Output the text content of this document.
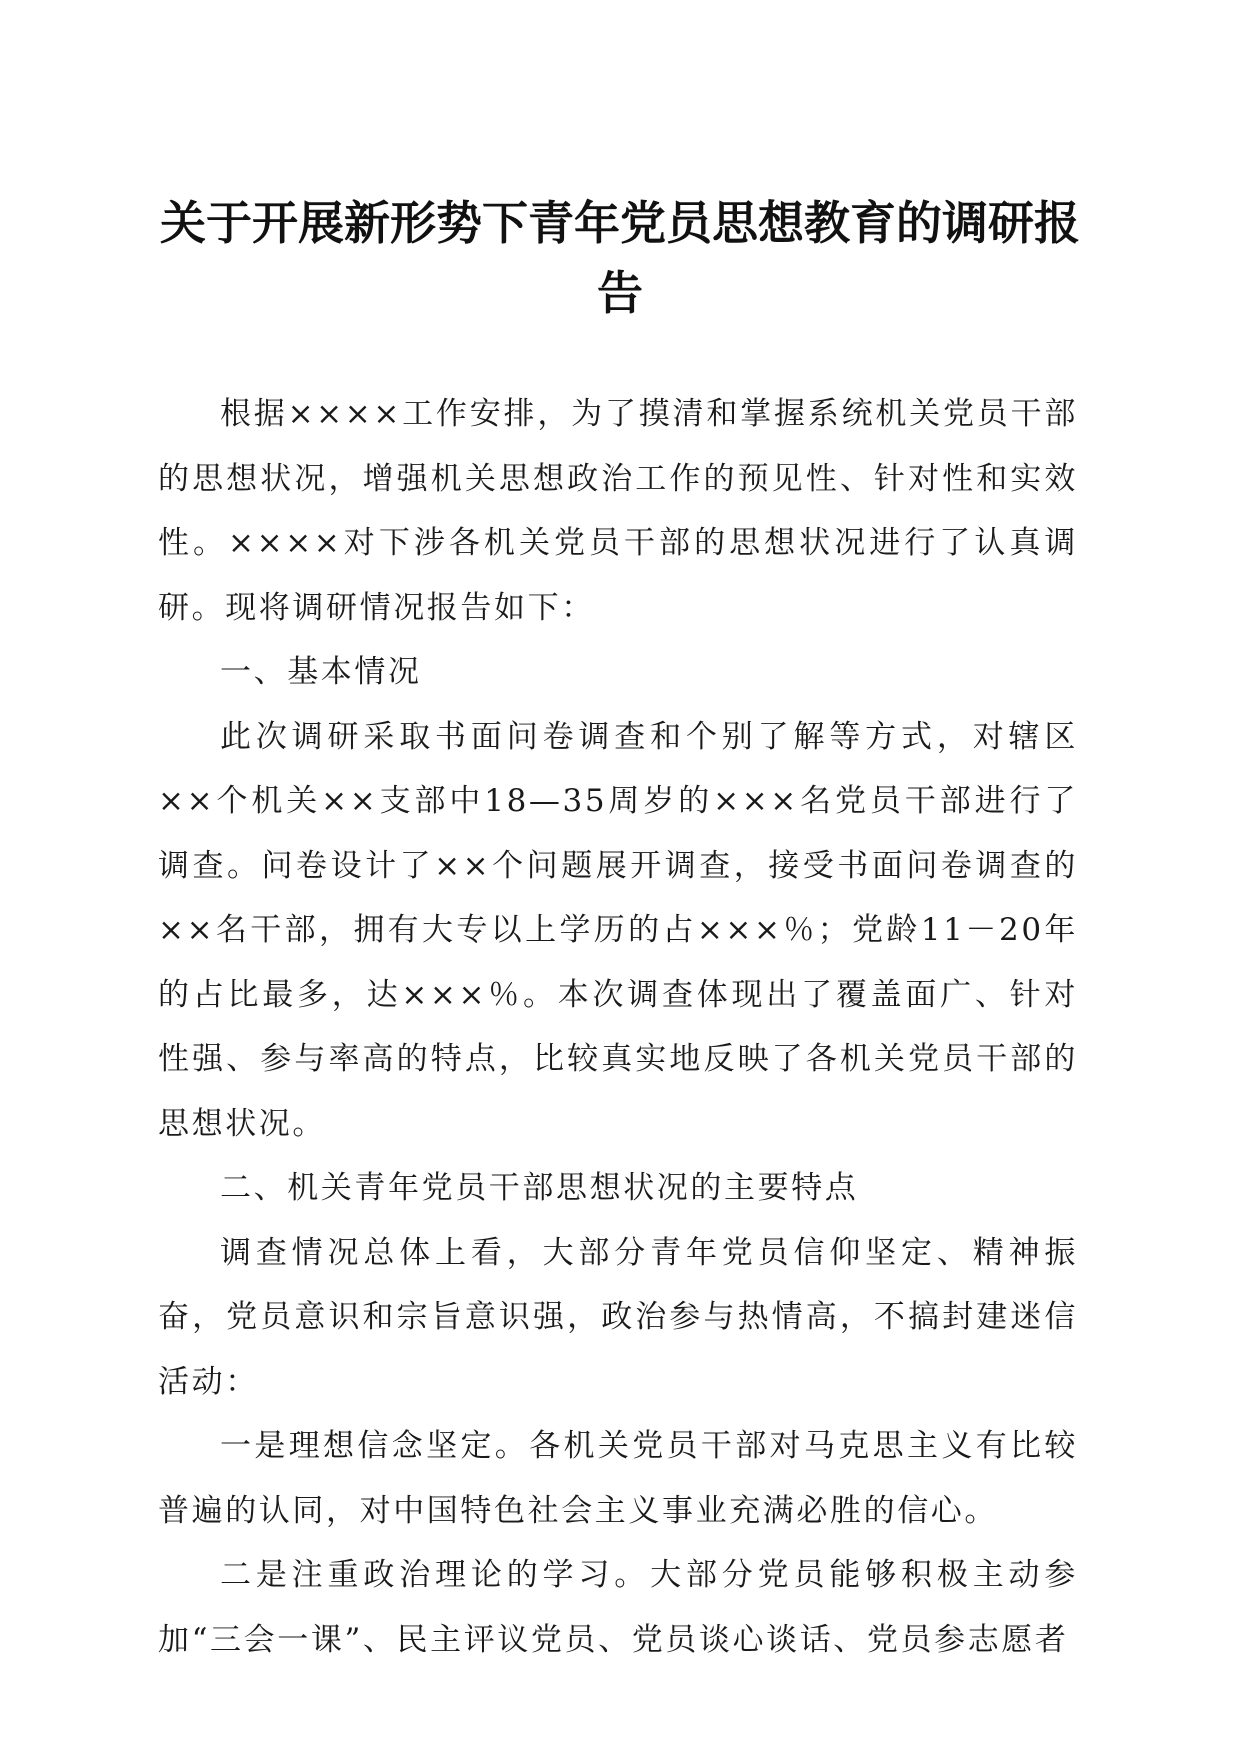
关于开展新形势下青年党员思想教育的调研报告

根据××××工作安排，为了摸清和掌握系统机关党员干部的思想状况，增强机关思想政治工作的预见性、针对性和实效性。××××对下涉各机关党员干部的思想状况进行了认真调研。现将调研情况报告如下：

一、基本情况

此次调研采取书面问卷调查和个别了解等方式，对辖区××个机关××支部中18—35周岁的×××名党员干部进行了调查。问卷设计了××个问题展开调查，接受书面问卷调查的××名干部，拥有大专以上学历的占×××％；党龄11－20年的占比最多，达×××％。本次调查体现出了覆盖面广、针对性强、参与率高的特点，比较真实地反映了各机关党员干部的思想状况。

二、机关青年党员干部思想状况的主要特点

调查情况总体上看，大部分青年党员信仰坚定、精神振奋，党员意识和宗旨意识强，政治参与热情高，不搞封建迷信活动：

一是理想信念坚定。各机关党员干部对马克思主义有比较普遍的认同，对中国特色社会主义事业充满必胜的信心。

二是注重政治理论的学习。大部分党员能够积极主动参加“三会一课”、民主评议党员、党员谈心谈话、党员参志愿者
